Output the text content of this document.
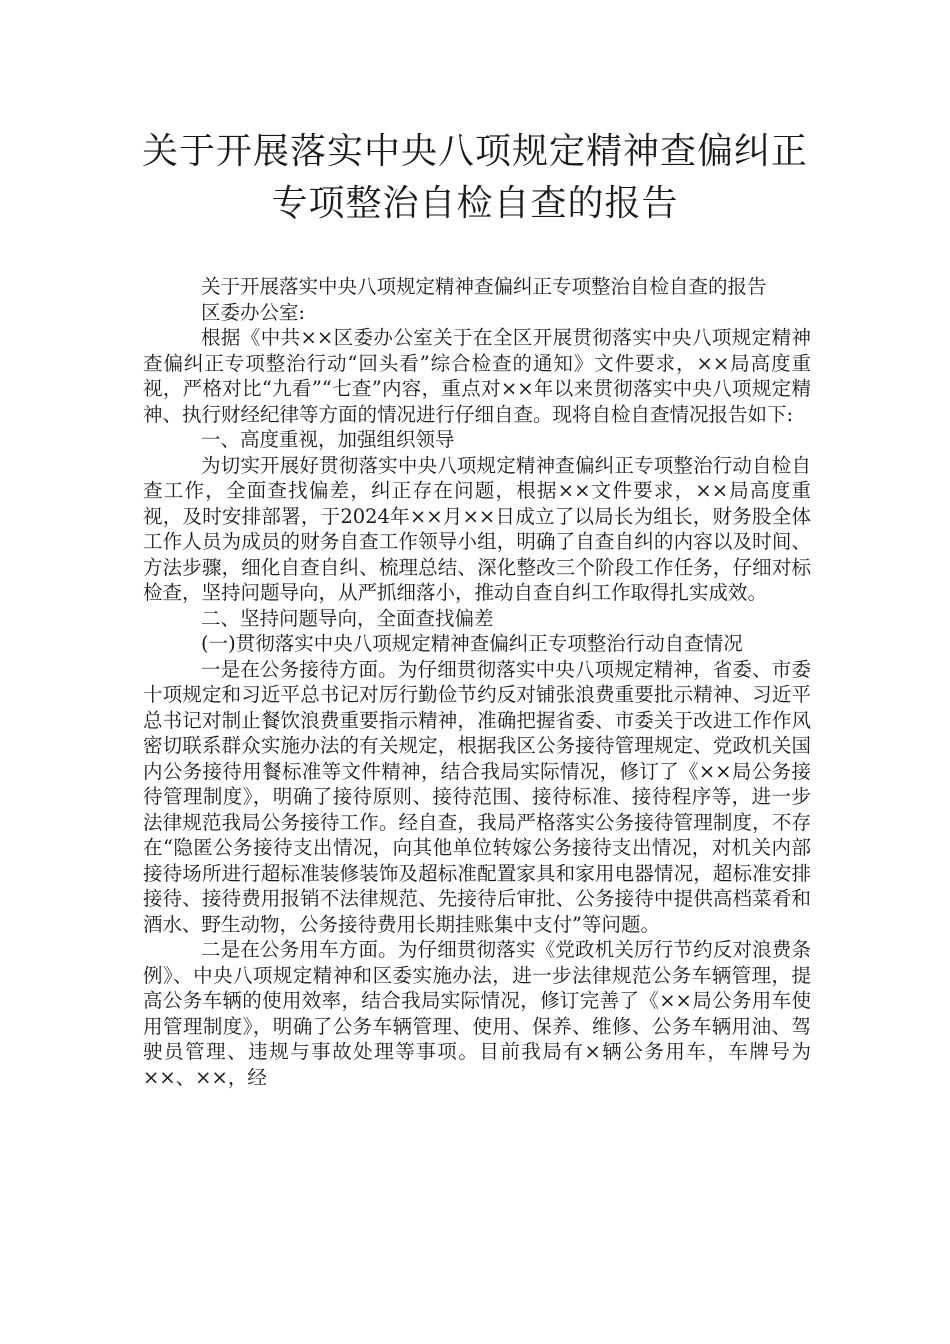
关于开展落实中央八项规定精神查偏纠正
专项整治自检自查的报告

关于开展落实中央八项规定精神查偏纠正专项整治自检自查的报告

区委办公室:

根据《中共××区委办公室关于在全区开展贯彻落实中央八项规定精神查偏纠正专项整治行动“回头看”综合检查的通知》文件要求，××局高度重视，严格对比“九看”“七查”内容，重点对××年以来贯彻落实中央八项规定精神、执行财经纪律等方面的情况进行仔细自查。现将自检自查情况报告如下:

一、高度重视，加强组织领导

为切实开展好贯彻落实中央八项规定精神查偏纠正专项整治行动自检自查工作，全面查找偏差，纠正存在问题，根据××文件要求，××局高度重视，及时安排部署，于2024年××月××日成立了以局长为组长，财务股全体工作人员为成员的财务自查工作领导小组，明确了自查自纠的内容以及时间、方法步骤，细化自查自纠、梳理总结、深化整改三个阶段工作任务，仔细对标检查，坚持问题导向，从严抓细落小，推动自查自纠工作取得扎实成效。

二、坚持问题导向，全面查找偏差

(一)贯彻落实中央八项规定精神查偏纠正专项整治行动自查情况

一是在公务接待方面。为仔细贯彻落实中央八项规定精神，省委、市委十项规定和习近平总书记对厉行勤俭节约反对铺张浪费重要批示精神、习近平总书记对制止餐饮浪费重要指示精神，准确把握省委、市委关于改进工作作风密切联系群众实施办法的有关规定，根据我区公务接待管理规定、党政机关国内公务接待用餐标准等文件精神，结合我局实际情况，修订了《××局公务接待管理制度》，明确了接待原则、接待范围、接待标准、接待程序等，进一步法律规范我局公务接待工作。经自查，我局严格落实公务接待管理制度，不存在“隐匿公务接待支出情况，向其他单位转嫁公务接待支出情况，对机关内部接待场所进行超标准装修装饰及超标准配置家具和家用电器情况，超标准安排接待、接待费用报销不法律规范、先接待后审批、公务接待中提供高档菜肴和酒水、野生动物，公务接待费用长期挂账集中支付”等问题。

二是在公务用车方面。为仔细贯彻落实《党政机关厉行节约反对浪费条例》、中央八项规定精神和区委实施办法，进一步法律规范公务车辆管理，提高公务车辆的使用效率，结合我局实际情况，修订完善了《××局公务用车使用管理制度》，明确了公务车辆管理、使用、保养、维修、公务车辆用油、驾驶员管理、违规与事故处理等事项。目前我局有×辆公务用车，车牌号为××、××，经
